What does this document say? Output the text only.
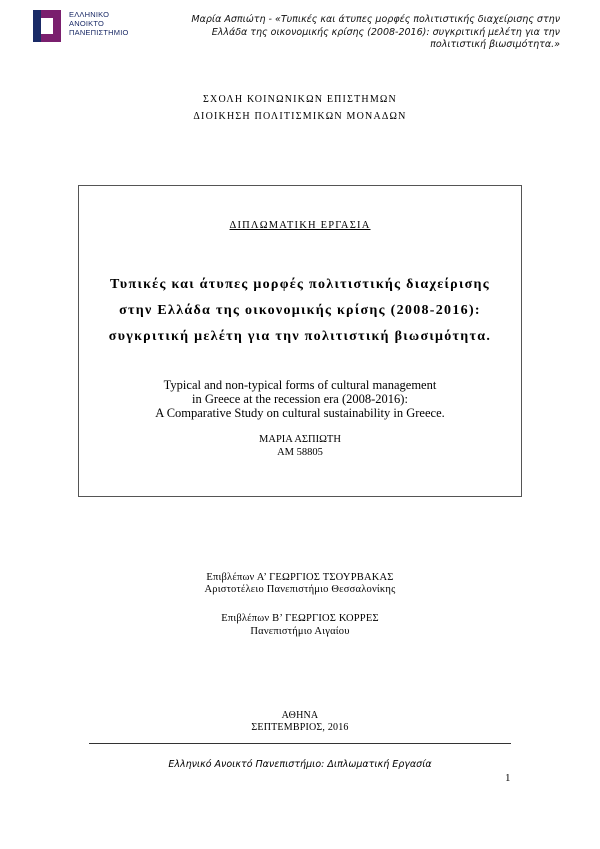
ΕΛΛΗΝΙΚΟ
ΑΝΟΙΚΤΟ
ΠΑΝΕΠΙΣΤΗΜΙΟ
Μαρία Ασπιώτη - «Τυπικές και άτυπες μορφές πολιτιστικής διαχείρισης στην Ελλάδα της οικονομικής κρίσης (2008-2016): συγκριτική μελέτη για την πολιτιστική βιωσιμότητα.»
ΣΧΟΛΗ ΚΟΙΝΩΝΙΚΩΝ ΕΠΙΣΤΗΜΩΝ
ΔΙΟΙΚΗΣΗ ΠΟΛΙΤΙΣΜΙΚΩΝ ΜΟΝΑΔΩΝ
ΔΙΠΛΩΜΑΤΙΚΗ ΕΡΓΑΣΙΑ
Τυπικές και άτυπες μορφές πολιτιστικής διαχείρισης
στην Ελλάδα της οικονομικής κρίσης (2008-2016):
συγκριτική μελέτη για την πολιτιστική βιωσιμότητα.
Typical and non-typical forms of cultural management
in Greece at the recession era (2008-2016):
A Comparative Study on cultural sustainability in Greece.
ΜΑΡΙΑ ΑΣΠΙΩΤΗ
ΑΜ 58805
Επιβλέπων Α’ ΓΕΩΡΓΙΟΣ ΤΣΟΥΡΒΑΚΑΣ
Αριστοτέλειο Πανεπιστήμιο Θεσσαλονίκης
Επιβλέπων Β’ ΓΕΩΡΓΙΟΣ ΚΟΡΡΕΣ
Πανεπιστήμιο Αιγαίου
ΑΘΗΝΑ
ΣΕΠΤΕΜΒΡΙΟΣ, 2016
Ελληνικό Ανοικτό Πανεπιστήμιο: Διπλωματική Εργασία
1
